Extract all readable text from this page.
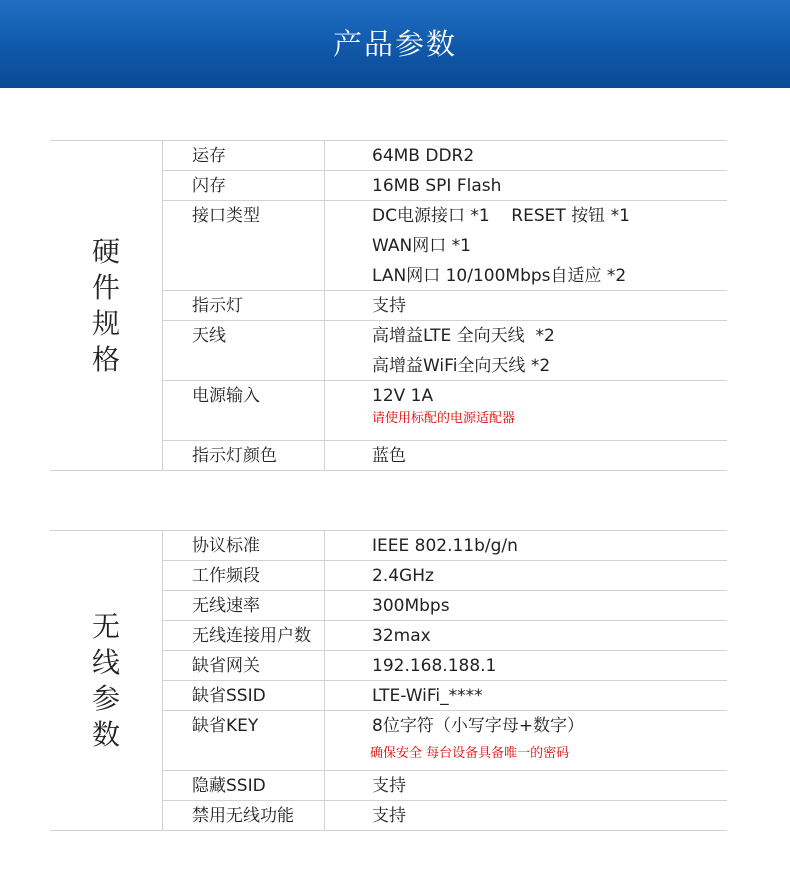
产品参数
硬件规格
运存	64MB DDR2
闪存	16MB SPI Flash
接口类型	DC电源接口 *1    RESET 按钮 *1
WAN网口 *1
LAN网口 10/100Mbps自适应 *2
指示灯	支持
天线	高增益LTE 全向天线  *2
高增益WiFi全向天线 *2
电源输入	12V 1A
请使用标配的电源适配器
指示灯颜色	蓝色
无线参数
协议标准	IEEE 802.11b/g/n
工作频段	2.4GHz
无线速率	300Mbps
无线连接用户数	32max
缺省网关	192.168.188.1
缺省SSID	LTE-WiFi_****
缺省KEY	8位字符（小写字母+数字）
确保安全 每台设备具备唯一的密码
隐藏SSID	支持
禁用无线功能	支持
